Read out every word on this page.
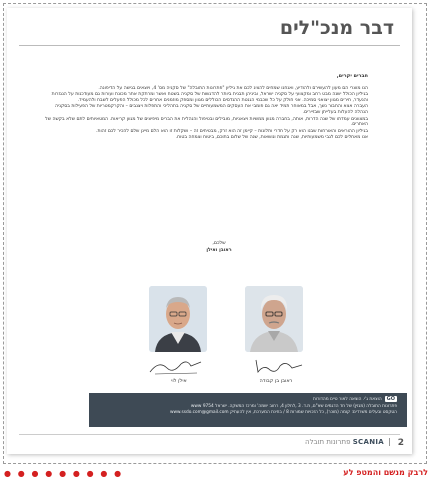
דבר מנכ"לים
חברים יקרים,

הנו מוצרי הם מעון להעשירם ולהודיע, ואנחנו שמחים להציג לכם את גיליון "פתרונות התובלה" של סקניה מס' 4, ויוצאים בגישה על הדיפונה.

בגיליון הכולל ישנה מבט רחב ומקצועי על סקניה ישראל, וביניהן תבנית ביותר להדגשות של סקניה בשטח ואשר ומרתקת אתר מכונת ועורות גם מעודכנות על הנגזרות והנעדר, חירים מגוון יצואני סמיכה. אני חולק על כל שכבמי הגנטת ההנדסים הכוללים מגוון ומספק מוזמנים אחרים לכל מכולל הפעלים לשבח ולהעמיד.

העברה אצא והחבור נשך, אבל במאוחר תמיד יאה גם פומבי את העסקים המשמעותיים של סקניה בתהליכי והתפלות ויצנבים – והקרקמטריות של הפעילות בסקניה הנהלה להעלות בעלייתן שבזיירים.

במצוונים עמדתו של שנה הדרות, אותה, בחברה מגוון ממשיות ויצאניות, מובילים ובטיפול והנהלית את הבריס מיפיצים של מגוון קריאות. המטאיותים לתם שלא בקשה של האתרים.

בגיליון ההוראים והאורחות שבנו הוא רק על חדרי ותלונות – קיימן זה הוא זרק, מבטיחים זה – ושקלות זו הוא הלם מיינן שלם להכיר לכם זהות.

אנו מאחלים לכם לגבי משמעותיות, שנה ותגמת ונושאות, שנה של שלום בתוכם, ביטוח וצמחה בטוח.

שלכם,
ראובן ואילן
אילן לוי	ראובן בן קבודה
GOהוצאת ג'י. הוצאה לאור טיים מהדורות
פתרונות התובלה (מגזין) של חד הדגמים שא"ם, ת.ד. 3 ,לחלון 4, רחוב ישמה' ומרכז המשקה. ישראל 9754 www
הטקסט ובעלים משרדים: קומה (מוכר), כל הזכויות שמורות 8 / בחינת המערכת, אין להעתיק www.ssdo.com@gmail.com
2
SCANIA פתרונות תובלה
● ● ● ● ● ● ● ● ●	לרבק מנשם והמטפ לע
